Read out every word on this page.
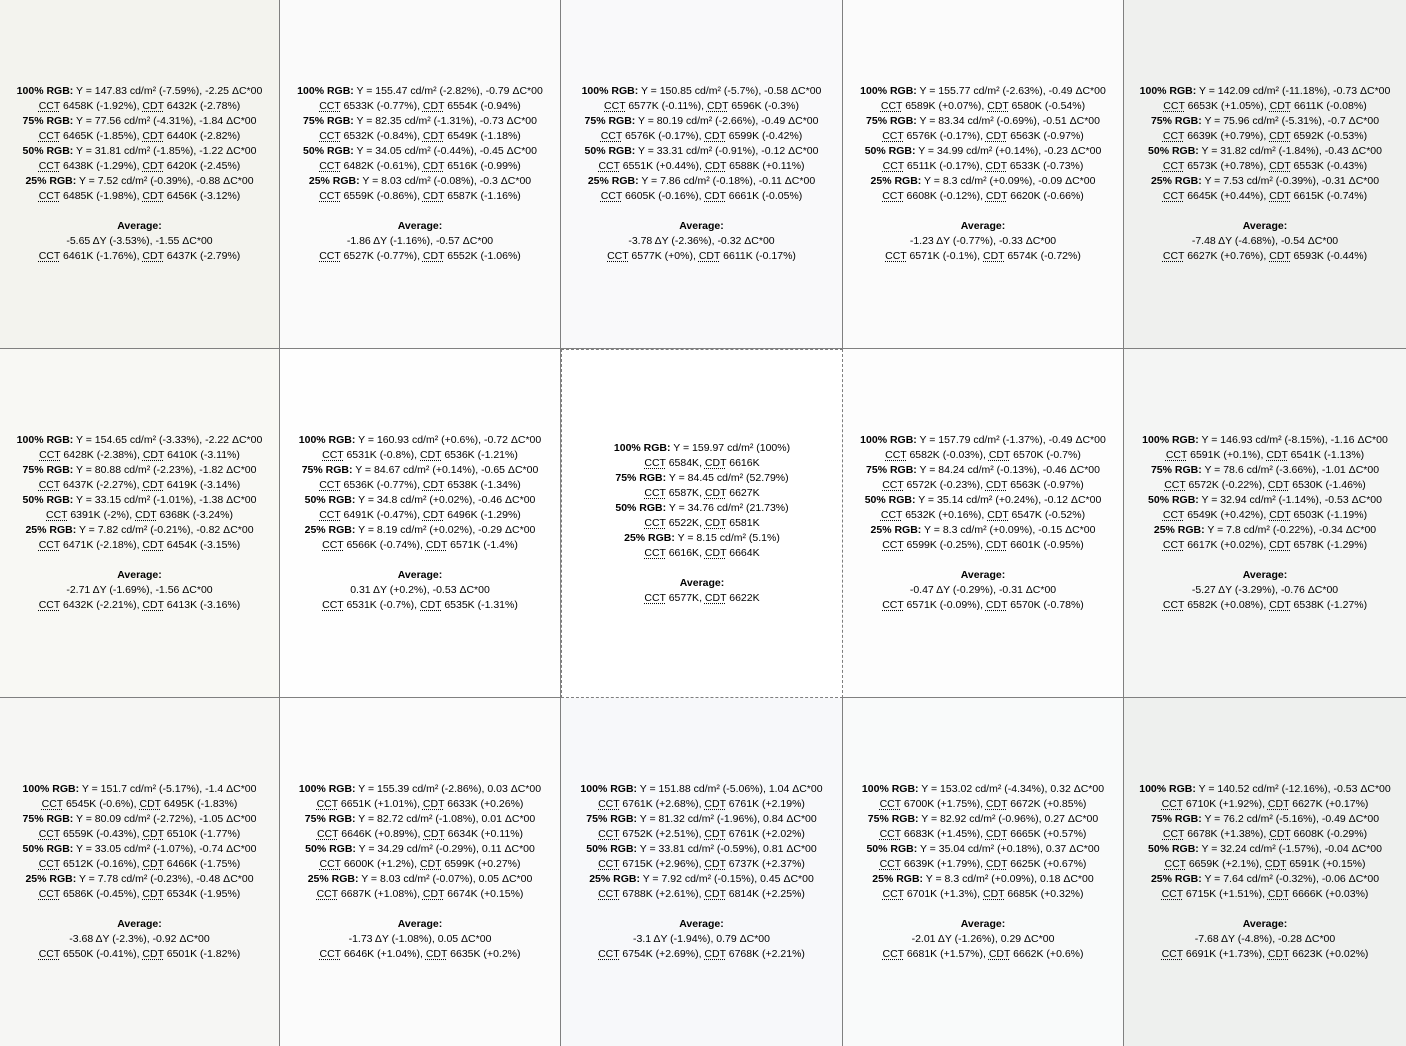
100% RGB: Y = 147.83 cd/m² (-7.59%), -2.25 ΔC*00
CCT 6458K (-1.92%), CDT 6432K (-2.78%)
75% RGB: Y = 77.56 cd/m² (-4.31%), -1.84 ΔC*00
CCT 6465K (-1.85%), CDT 6440K (-2.82%)
50% RGB: Y = 31.81 cd/m² (-1.85%), -1.22 ΔC*00
CCT 6438K (-1.29%), CDT 6420K (-2.45%)
25% RGB: Y = 7.52 cd/m² (-0.39%), -0.88 ΔC*00
CCT 6485K (-1.98%), CDT 6456K (-3.12%)
Average:
-5.65 ΔY (-3.53%), -1.55 ΔC*00
CCT 6461K (-1.76%), CDT 6437K (-2.79%)
100% RGB: Y = 155.47 cd/m² (-2.82%), -0.79 ΔC*00
CCT 6533K (-0.77%), CDT 6554K (-0.94%)
75% RGB: Y = 82.35 cd/m² (-1.31%), -0.73 ΔC*00
CCT 6532K (-0.84%), CDT 6549K (-1.18%)
50% RGB: Y = 34.05 cd/m² (-0.44%), -0.45 ΔC*00
CCT 6482K (-0.61%), CDT 6516K (-0.99%)
25% RGB: Y = 8.03 cd/m² (-0.08%), -0.3 ΔC*00
CCT 6559K (-0.86%), CDT 6587K (-1.16%)
Average:
-1.86 ΔY (-1.16%), -0.57 ΔC*00
CCT 6527K (-0.77%), CDT 6552K (-1.06%)
100% RGB: Y = 150.85 cd/m² (-5.7%), -0.58 ΔC*00
CCT 6577K (-0.11%), CDT 6596K (-0.3%)
75% RGB: Y = 80.19 cd/m² (-2.66%), -0.49 ΔC*00
CCT 6576K (-0.17%), CDT 6599K (-0.42%)
50% RGB: Y = 33.31 cd/m² (-0.91%), -0.12 ΔC*00
CCT 6551K (+0.44%), CDT 6588K (+0.11%)
25% RGB: Y = 7.86 cd/m² (-0.18%), -0.11 ΔC*00
CCT 6605K (-0.16%), CDT 6661K (-0.05%)
Average:
-3.78 ΔY (-2.36%), -0.32 ΔC*00
CCT 6577K (+0%), CDT 6611K (-0.17%)
100% RGB: Y = 155.77 cd/m² (-2.63%), -0.49 ΔC*00
CCT 6589K (+0.07%), CDT 6580K (-0.54%)
75% RGB: Y = 83.34 cd/m² (-0.69%), -0.51 ΔC*00
CCT 6576K (-0.17%), CDT 6563K (-0.97%)
50% RGB: Y = 34.99 cd/m² (+0.14%), -0.23 ΔC*00
CCT 6511K (-0.17%), CDT 6533K (-0.73%)
25% RGB: Y = 8.3 cd/m² (+0.09%), -0.09 ΔC*00
CCT 6608K (-0.12%), CDT 6620K (-0.66%)
Average:
-1.23 ΔY (-0.77%), -0.33 ΔC*00
CCT 6571K (-0.1%), CDT 6574K (-0.72%)
100% RGB: Y = 142.09 cd/m² (-11.18%), -0.73 ΔC*00
CCT 6653K (+1.05%), CDT 6611K (-0.08%)
75% RGB: Y = 75.96 cd/m² (-5.31%), -0.7 ΔC*00
CCT 6639K (+0.79%), CDT 6592K (-0.53%)
50% RGB: Y = 31.82 cd/m² (-1.84%), -0.43 ΔC*00
CCT 6573K (+0.78%), CDT 6553K (-0.43%)
25% RGB: Y = 7.53 cd/m² (-0.39%), -0.31 ΔC*00
CCT 6645K (+0.44%), CDT 6615K (-0.74%)
Average:
-7.48 ΔY (-4.68%), -0.54 ΔC*00
CCT 6627K (+0.76%), CDT 6593K (-0.44%)
100% RGB: Y = 154.65 cd/m² (-3.33%), -2.22 ΔC*00
CCT 6428K (-2.38%), CDT 6410K (-3.11%)
75% RGB: Y = 80.88 cd/m² (-2.23%), -1.82 ΔC*00
CCT 6437K (-2.27%), CDT 6419K (-3.14%)
50% RGB: Y = 33.15 cd/m² (-1.01%), -1.38 ΔC*00
CCT 6391K (-2%), CDT 6368K (-3.24%)
25% RGB: Y = 7.82 cd/m² (-0.21%), -0.82 ΔC*00
CCT 6471K (-2.18%), CDT 6454K (-3.15%)
Average:
-2.71 ΔY (-1.69%), -1.56 ΔC*00
CCT 6432K (-2.21%), CDT 6413K (-3.16%)
100% RGB: Y = 160.93 cd/m² (+0.6%), -0.72 ΔC*00
CCT 6531K (-0.8%), CDT 6536K (-1.21%)
75% RGB: Y = 84.67 cd/m² (+0.14%), -0.65 ΔC*00
CCT 6536K (-0.77%), CDT 6538K (-1.34%)
50% RGB: Y = 34.8 cd/m² (+0.02%), -0.46 ΔC*00
CCT 6491K (-0.47%), CDT 6496K (-1.29%)
25% RGB: Y = 8.19 cd/m² (+0.02%), -0.29 ΔC*00
CCT 6566K (-0.74%), CDT 6571K (-1.4%)
Average:
0.31 ΔY (+0.2%), -0.53 ΔC*00
CCT 6531K (-0.7%), CDT 6535K (-1.31%)
100% RGB: Y = 159.97 cd/m² (100%)
CCT 6584K, CDT 6616K
75% RGB: Y = 84.45 cd/m² (52.79%)
CCT 6587K, CDT 6627K
50% RGB: Y = 34.76 cd/m² (21.73%)
CCT 6522K, CDT 6581K
25% RGB: Y = 8.15 cd/m² (5.1%)
CCT 6616K, CDT 6664K
Average:
CCT 6577K, CDT 6622K
100% RGB: Y = 157.79 cd/m² (-1.37%), -0.49 ΔC*00
CCT 6582K (-0.03%), CDT 6570K (-0.7%)
75% RGB: Y = 84.24 cd/m² (-0.13%), -0.46 ΔC*00
CCT 6572K (-0.23%), CDT 6563K (-0.97%)
50% RGB: Y = 35.14 cd/m² (+0.24%), -0.12 ΔC*00
CCT 6532K (+0.16%), CDT 6547K (-0.52%)
25% RGB: Y = 8.3 cd/m² (+0.09%), -0.15 ΔC*00
CCT 6599K (-0.25%), CDT 6601K (-0.95%)
Average:
-0.47 ΔY (-0.29%), -0.31 ΔC*00
CCT 6571K (-0.09%), CDT 6570K (-0.78%)
100% RGB: Y = 146.93 cd/m² (-8.15%), -1.16 ΔC*00
CCT 6591K (+0.1%), CDT 6541K (-1.13%)
75% RGB: Y = 78.6 cd/m² (-3.66%), -1.01 ΔC*00
CCT 6572K (-0.22%), CDT 6530K (-1.46%)
50% RGB: Y = 32.94 cd/m² (-1.14%), -0.53 ΔC*00
CCT 6549K (+0.42%), CDT 6503K (-1.19%)
25% RGB: Y = 7.8 cd/m² (-0.22%), -0.34 ΔC*00
CCT 6617K (+0.02%), CDT 6578K (-1.29%)
Average:
-5.27 ΔY (-3.29%), -0.76 ΔC*00
CCT 6582K (+0.08%), CDT 6538K (-1.27%)
100% RGB: Y = 151.7 cd/m² (-5.17%), -1.4 ΔC*00
CCT 6545K (-0.6%), CDT 6495K (-1.83%)
75% RGB: Y = 80.09 cd/m² (-2.72%), -1.05 ΔC*00
CCT 6559K (-0.43%), CDT 6510K (-1.77%)
50% RGB: Y = 33.05 cd/m² (-1.07%), -0.74 ΔC*00
CCT 6512K (-0.16%), CDT 6466K (-1.75%)
25% RGB: Y = 7.78 cd/m² (-0.23%), -0.48 ΔC*00
CCT 6586K (-0.45%), CDT 6534K (-1.95%)
Average:
-3.68 ΔY (-2.3%), -0.92 ΔC*00
CCT 6550K (-0.41%), CDT 6501K (-1.82%)
100% RGB: Y = 155.39 cd/m² (-2.86%), 0.03 ΔC*00
CCT 6651K (+1.01%), CDT 6633K (+0.26%)
75% RGB: Y = 82.72 cd/m² (-1.08%), 0.01 ΔC*00
CCT 6646K (+0.89%), CDT 6634K (+0.11%)
50% RGB: Y = 34.29 cd/m² (-0.29%), 0.11 ΔC*00
CCT 6600K (+1.2%), CDT 6599K (+0.27%)
25% RGB: Y = 8.03 cd/m² (-0.07%), 0.05 ΔC*00
CCT 6687K (+1.08%), CDT 6674K (+0.15%)
Average:
-1.73 ΔY (-1.08%), 0.05 ΔC*00
CCT 6646K (+1.04%), CDT 6635K (+0.2%)
100% RGB: Y = 151.88 cd/m² (-5.06%), 1.04 ΔC*00
CCT 6761K (+2.68%), CDT 6761K (+2.19%)
75% RGB: Y = 81.32 cd/m² (-1.96%), 0.84 ΔC*00
CCT 6752K (+2.51%), CDT 6761K (+2.02%)
50% RGB: Y = 33.81 cd/m² (-0.59%), 0.81 ΔC*00
CCT 6715K (+2.96%), CDT 6737K (+2.37%)
25% RGB: Y = 7.92 cd/m² (-0.15%), 0.45 ΔC*00
CCT 6788K (+2.61%), CDT 6814K (+2.25%)
Average:
-3.1 ΔY (-1.94%), 0.79 ΔC*00
CCT 6754K (+2.69%), CDT 6768K (+2.21%)
100% RGB: Y = 153.02 cd/m² (-4.34%), 0.32 ΔC*00
CCT 6700K (+1.75%), CDT 6672K (+0.85%)
75% RGB: Y = 82.92 cd/m² (-0.96%), 0.27 ΔC*00
CCT 6683K (+1.45%), CDT 6665K (+0.57%)
50% RGB: Y = 35.04 cd/m² (+0.18%), 0.37 ΔC*00
CCT 6639K (+1.79%), CDT 6625K (+0.67%)
25% RGB: Y = 8.3 cd/m² (+0.09%), 0.18 ΔC*00
CCT 6701K (+1.3%), CDT 6685K (+0.32%)
Average:
-2.01 ΔY (-1.26%), 0.29 ΔC*00
CCT 6681K (+1.57%), CDT 6662K (+0.6%)
100% RGB: Y = 140.52 cd/m² (-12.16%), -0.53 ΔC*00
CCT 6710K (+1.92%), CDT 6627K (+0.17%)
75% RGB: Y = 76.2 cd/m² (-5.16%), -0.49 ΔC*00
CCT 6678K (+1.38%), CDT 6608K (-0.29%)
50% RGB: Y = 32.24 cd/m² (-1.57%), -0.04 ΔC*00
CCT 6659K (+2.1%), CDT 6591K (+0.15%)
25% RGB: Y = 7.64 cd/m² (-0.32%), -0.06 ΔC*00
CCT 6715K (+1.51%), CDT 6666K (+0.03%)
Average:
-7.68 ΔY (-4.8%), -0.28 ΔC*00
CCT 6691K (+1.73%), CDT 6623K (+0.02%)
